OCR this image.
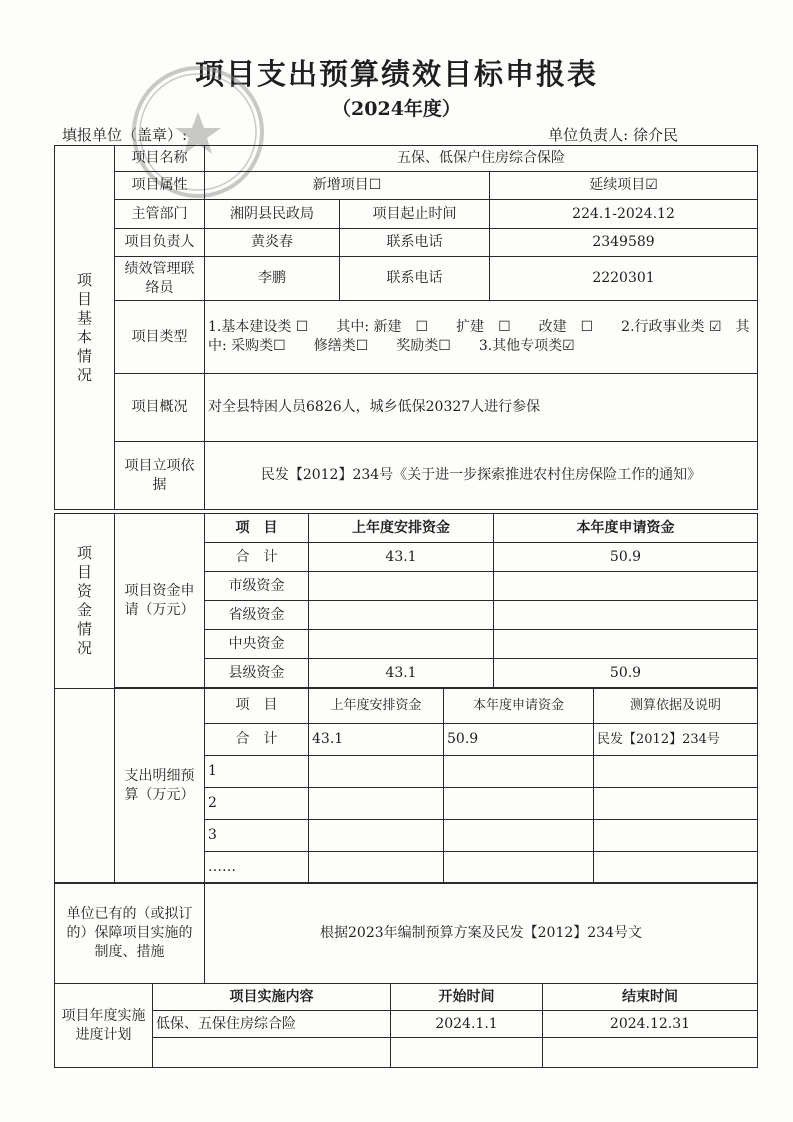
项目支出预算绩效目标申报表
（2024年度）
填报单位（盖章）:	单位负责人: 徐介民
项目基本情况	项目名称	五保、低保户住房综合保险		
	项目属性	新增项目☐		延续项目☑
	主管部门	湘阴县民政局	项目起止时间	224.1-2024.12
	项目负责人	黄炎春	联系电话	2349589
	绩效管理联络员	李鹏	联系电话	2220301
	项目类型	1.基本建设类 ☐　　其中: 新建　☐　　扩建　☐　　改建　☐　　2.行政事业类 ☑　其中: 采购类☐　　修缮类☐　　奖励类☐　　3.其他专项类☑		
	项目概况	对全县特困人员6826人，城乡低保20327人进行参保		
	项目立项依据	民发【2012】234号《关于进一步探索推进农村住房保险工作的通知》		
项目资金情况	项目资金申请（万元）	项　目	上年度安排资金	本年度申请资金
		合　计	43.1	50.9
		市级资金		
		省级资金		
		中央资金		
		县级资金	43.1	50.9
	支出明细预算（万元）	项　目	上年度安排资金	本年度申请资金	测算依据及说明
		合　计	43.1	50.9	民发【2012】234号
		1			
		2			
		3			
		……			
单位已有的（或拟订的）保障项目实施的制度、措施	根据2023年编制预算方案及民发【2012】234号文
项目年度实施进度计划	项目实施内容	开始时间	结束时间
	低保、五保住房综合险	2024.1.1	2024.12.31
